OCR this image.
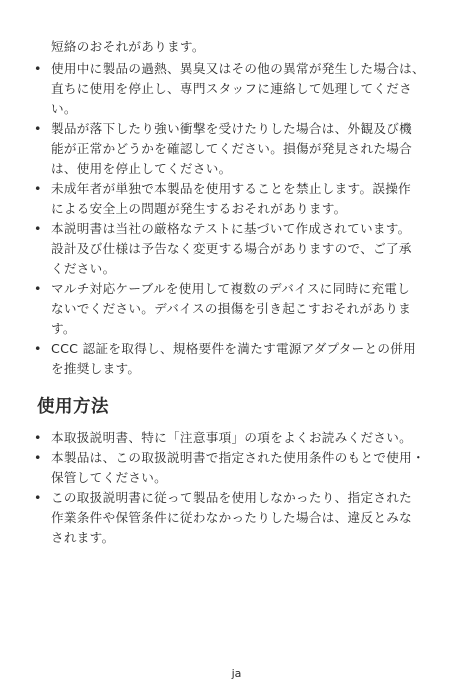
短絡のおそれがあります。
• 使用中に製品の過熱、異臭又はその他の異常が発生した場合は、
直ちに使用を停止し、専門スタッフに連絡して処理してくださ
い。
• 製品が落下したり強い衝撃を受けたりした場合は、外観及び機
能が正常かどうかを確認してください。損傷が発見された場合
は、使用を停止してください。
• 未成年者が単独で本製品を使用することを禁止します。誤操作
による安全上の問題が発生するおそれがあります。
• 本説明書は当社の厳格なテストに基づいて作成されています。
設計及び仕様は予告なく変更する場合がありますので、ご了承
ください。
• マルチ対応ケーブルを使用して複数のデバイスに同時に充電し
ないでください。デバイスの損傷を引き起こすおそれがありま
す。
• CCC 認証を取得し、規格要件を満たす電源アダプターとの併用
を推奨します。
使用方法
• 本取扱説明書、特に「注意事項」の項をよくお読みください。
• 本製品は、この取扱説明書で指定された使用条件のもとで使用・
保管してください。
• この取扱説明書に従って製品を使用しなかったり、指定された
作業条件や保管条件に従わなかったりした場合は、違反とみな
されます。
ja
